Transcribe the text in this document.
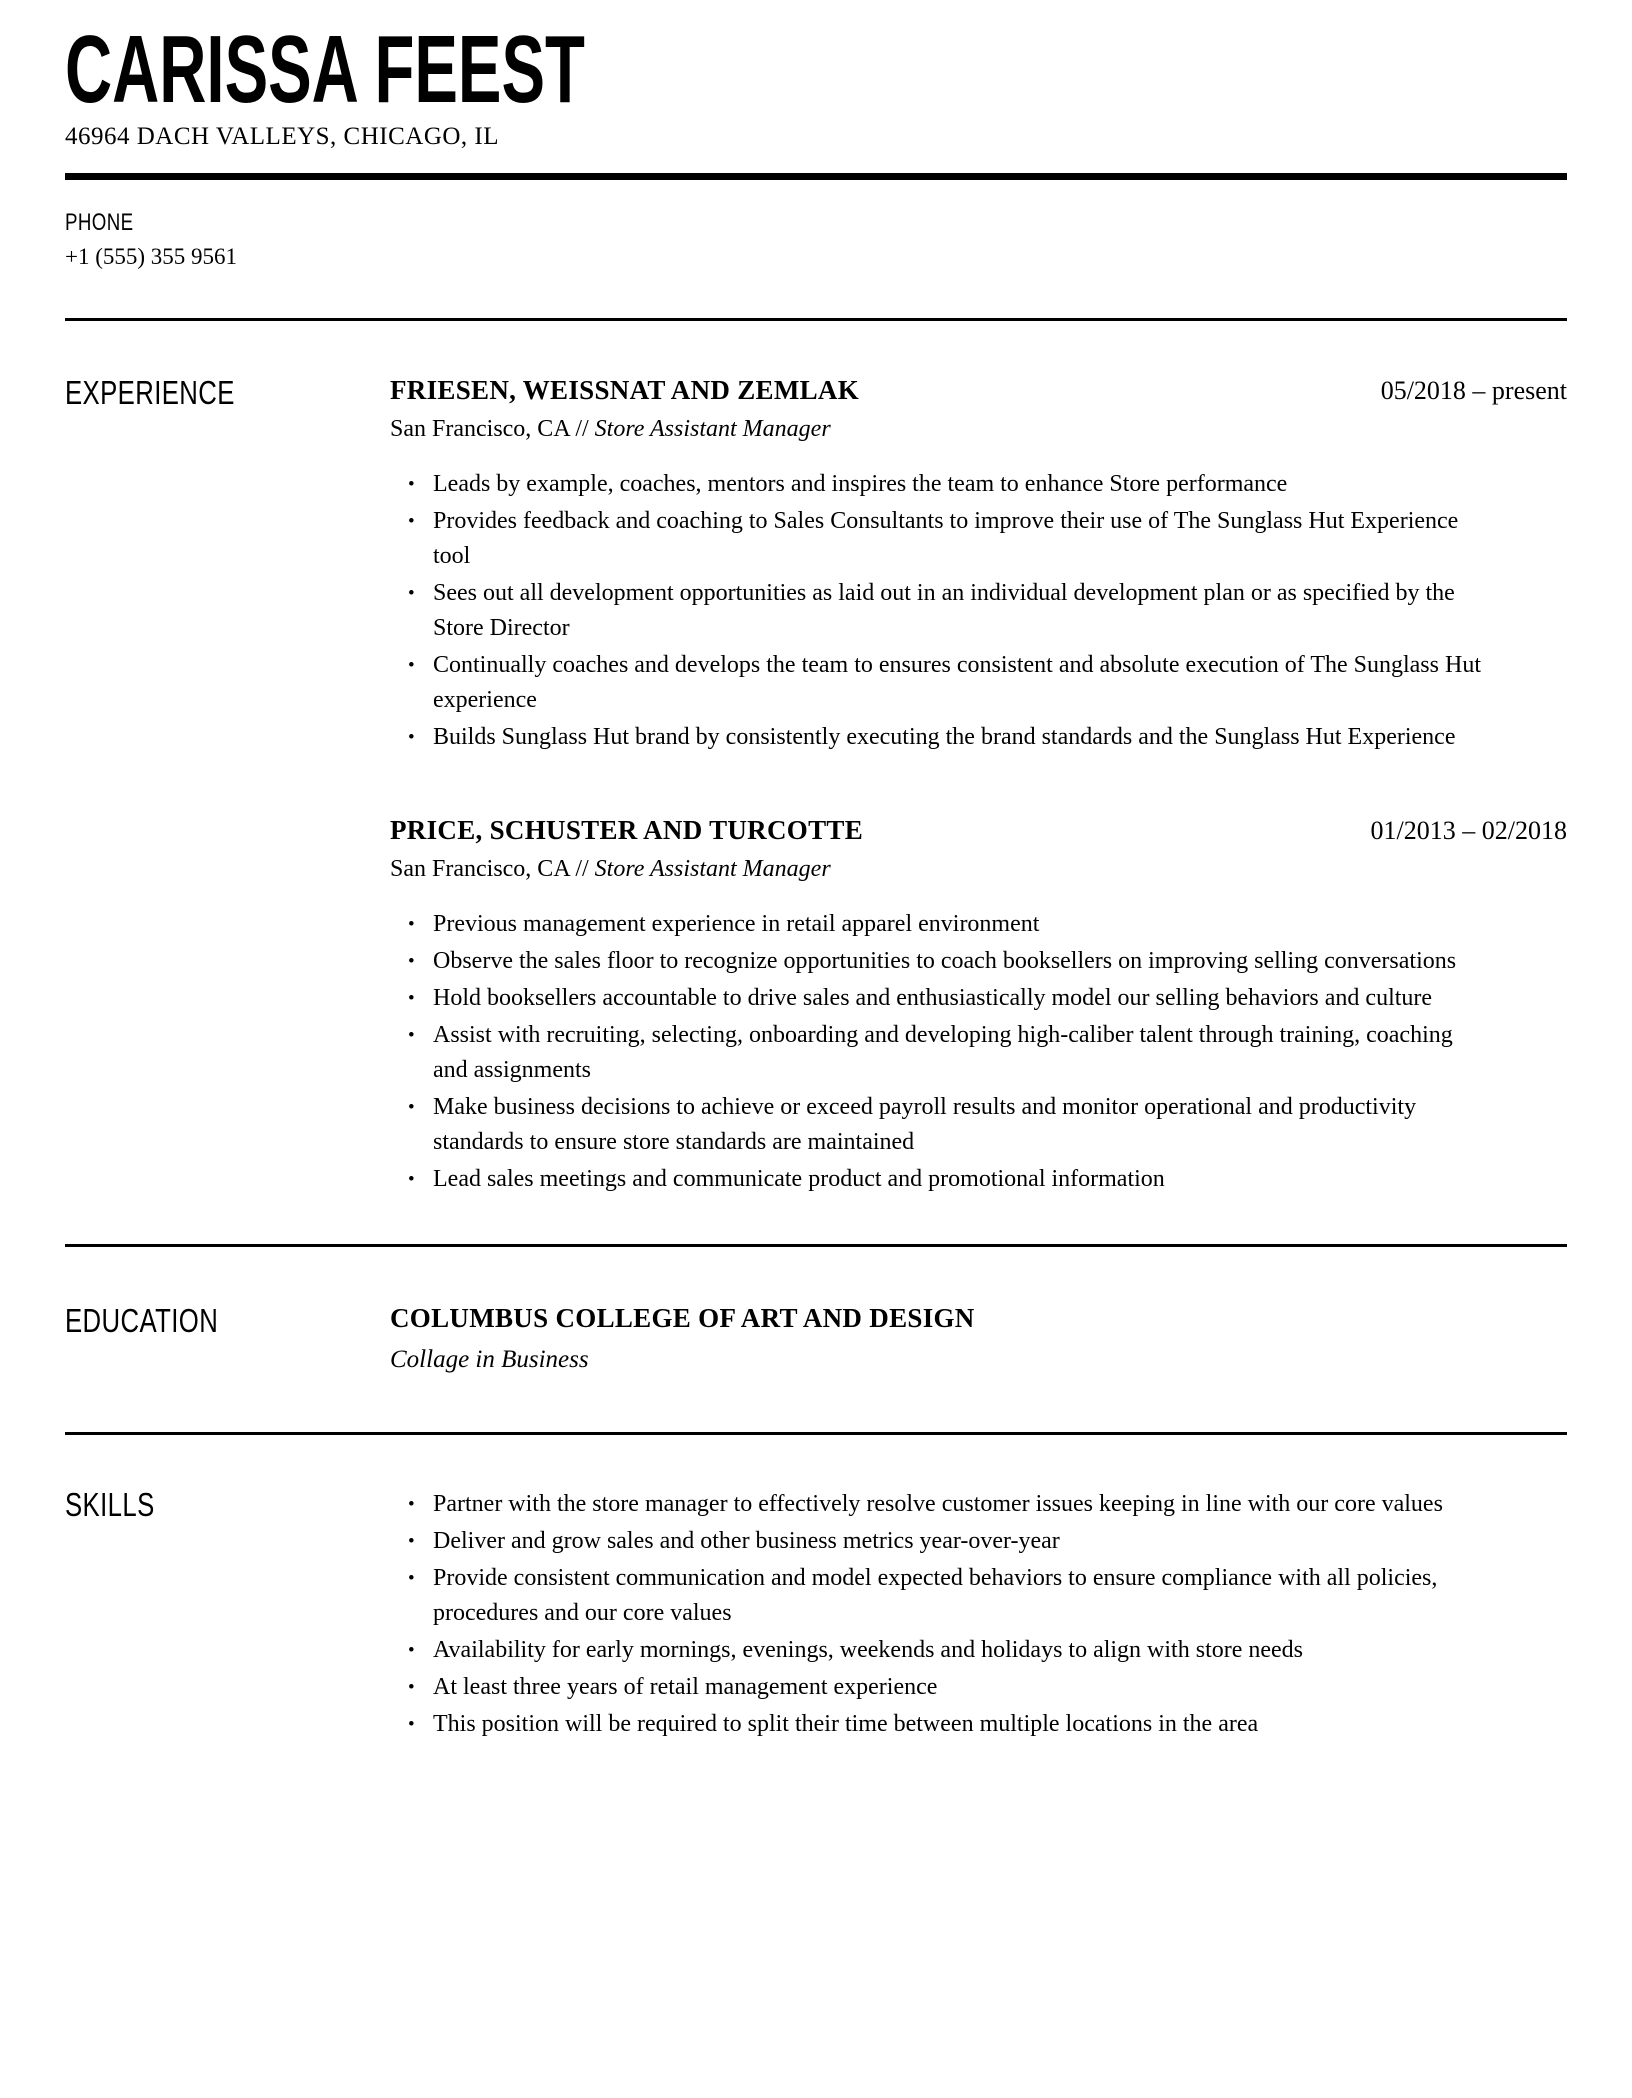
CARISSA FEEST
46964 DACH VALLEYS, CHICAGO, IL
PHONE
+1 (555) 355 9561
EXPERIENCE	FRIESEN, WEISSNAT AND ZEMLAK	05/2018 – present
San Francisco, CA // Store Assistant Manager
• Leads by example, coaches, mentors and inspires the team to enhance Store performance
• Provides feedback and coaching to Sales Consultants to improve their use of The Sunglass Hut Experience tool
• Sees out all development opportunities as laid out in an individual development plan or as specified by the Store Director
• Continually coaches and develops the team to ensures consistent and absolute execution of The Sunglass Hut experience
• Builds Sunglass Hut brand by consistently executing the brand standards and the Sunglass Hut Experience
PRICE, SCHUSTER AND TURCOTTE	01/2013 – 02/2018
San Francisco, CA // Store Assistant Manager
• Previous management experience in retail apparel environment
• Observe the sales floor to recognize opportunities to coach booksellers on improving selling conversations
• Hold booksellers accountable to drive sales and enthusiastically model our selling behaviors and culture
• Assist with recruiting, selecting, onboarding and developing high-caliber talent through training, coaching and assignments
• Make business decisions to achieve or exceed payroll results and monitor operational and productivity standards to ensure store standards are maintained
• Lead sales meetings and communicate product and promotional information
EDUCATION	COLUMBUS COLLEGE OF ART AND DESIGN
Collage in Business
SKILLS	• Partner with the store manager to effectively resolve customer issues keeping in line with our core values
• Deliver and grow sales and other business metrics year-over-year
• Provide consistent communication and model expected behaviors to ensure compliance with all policies, procedures and our core values
• Availability for early mornings, evenings, weekends and holidays to align with store needs
• At least three years of retail management experience
• This position will be required to split their time between multiple locations in the area
